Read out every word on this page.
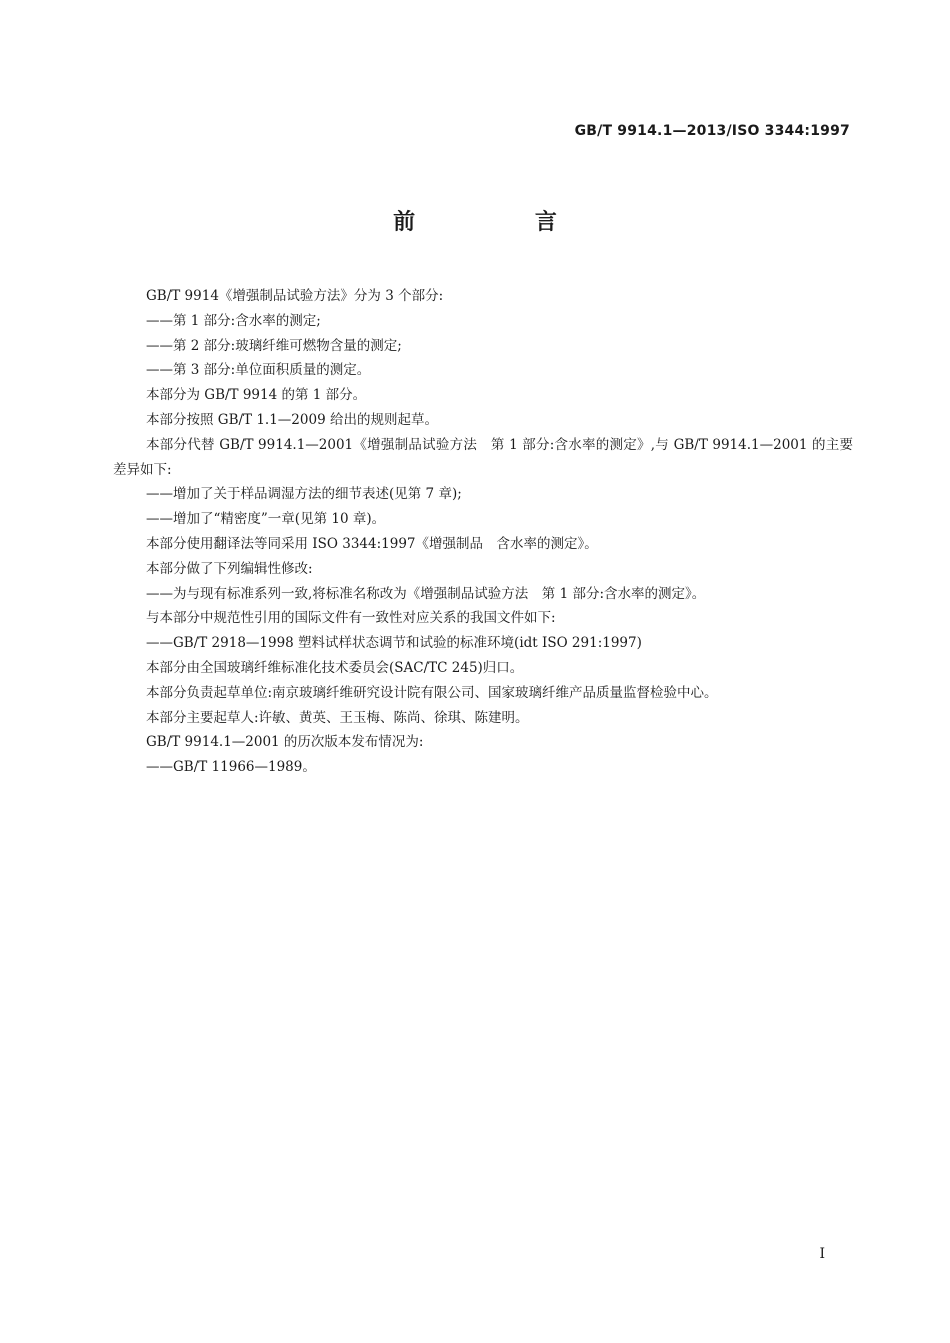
GB/T 9914.1—2013/ISO 3344:1997
前 言

GB/T 9914《增强制品试验方法》分为 3 个部分:

——第 1 部分:含水率的测定;

——第 2 部分:玻璃纤维可燃物含量的测定;

——第 3 部分:单位面积质量的测定。

本部分为 GB/T 9914 的第 1 部分。

本部分按照 GB/T 1.1—2009 给出的规则起草。

本部分代替 GB/T 9914.1—2001《增强制品试验方法　第 1 部分:含水率的测定》,与 GB/T 9914.1—2001 的主要差异如下:

——增加了关于样品调湿方法的细节表述(见第 7 章);

——增加了“精密度”一章(见第 10 章)。

本部分使用翻译法等同采用 ISO 3344:1997《增强制品　含水率的测定》。

本部分做了下列编辑性修改:

——为与现有标准系列一致,将标准名称改为《增强制品试验方法　第 1 部分:含水率的测定》。

与本部分中规范性引用的国际文件有一致性对应关系的我国文件如下:

——GB/T 2918—1998 塑料试样状态调节和试验的标准环境(idt ISO 291:1997)

本部分由全国玻璃纤维标准化技术委员会(SAC/TC 245)归口。

本部分负责起草单位:南京玻璃纤维研究设计院有限公司、国家玻璃纤维产品质量监督检验中心。

本部分主要起草人:许敏、黄英、王玉梅、陈尚、徐琪、陈建明。

GB/T 9914.1—2001 的历次版本发布情况为:

——GB/T 11966—1989。

I
